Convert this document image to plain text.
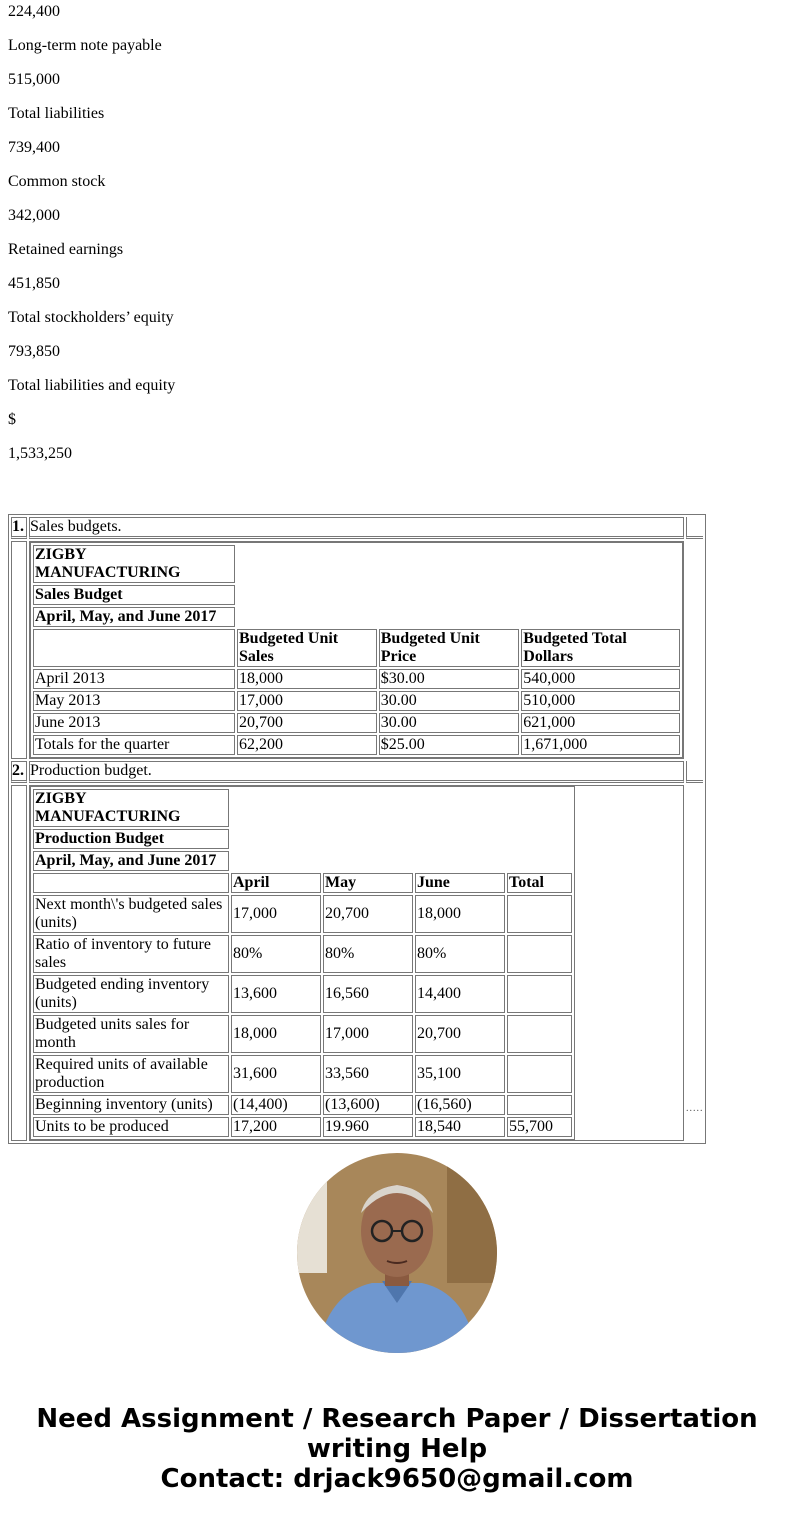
224,400

Long-term note payable

515,000

Total liabilities

739,400

Common stock

342,000

Retained earnings

451,850

Total stockholders’ equity

793,850

Total liabilities and equity

$

1,533,250

1.	Sales budgets.	

ZIGBY MANUFACTURING	
Sales Budget	
April, May, and June 2017	
	Budgeted Unit Sales	Budgeted Unit Price	Budgeted Total Dollars
April 2013	18,000	$30.00	540,000
May 2013	17,000	30.00	510,000
June 2013	20,700	30.00	621,000
Totals for the quarter	62,200	$25.00	1,671,000

2.	Production budget.	

ZIGBY MANUFACTURING	
Production Budget	
April, May, and June 2017	
	April	May	June	Total
Next month\'s budgeted sales (units)	17,000	20,700	18,000	
Ratio of inventory to future sales	80%	80%	80%	
Budgeted ending inventory (units)	13,600	16,560	14,400	
Budgeted units sales for month	18,000	17,000	20,700	
Required units of available production	31,600	33,560	35,100	
Beginning inventory (units)	(14,400)	(13,600)	(16,560)	
Units to be produced	17,200	19.960	18,540	55,700

.....
Need Assignment / Research Paper / Dissertation writing Help
Contact: drjack9650@gmail.com
